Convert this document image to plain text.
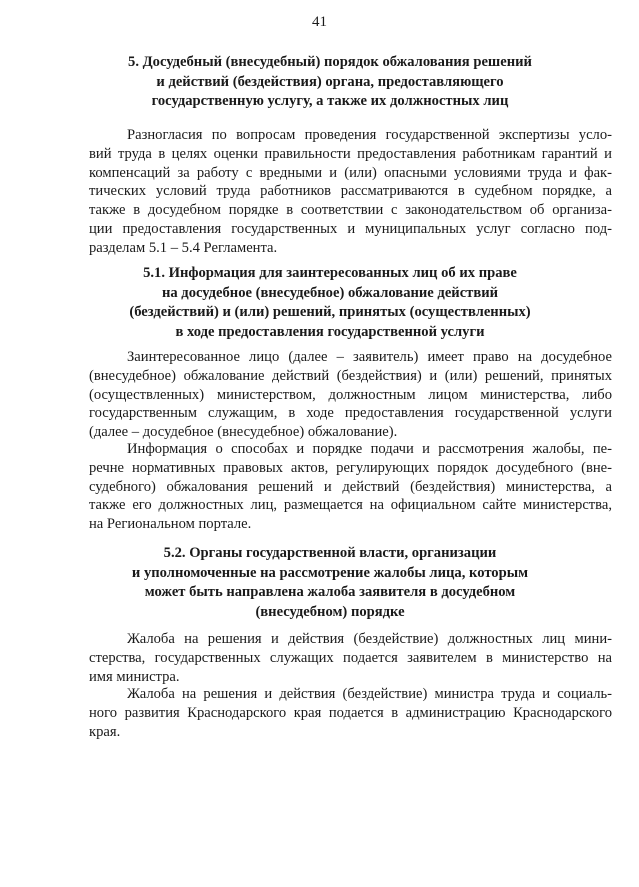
41
5. Досудебный (внесудебный) порядок обжалования решений
и действий (бездействия) органа, предоставляющего
государственную услугу, а также их должностных лиц
Разногласия по вопросам проведения государственной экспертизы усло-
вий труда в целях оценки правильности предоставления работникам гарантий и
компенсаций за работу с вредными и (или) опасными условиями труда и фак-
тических условий труда работников рассматриваются в судебном порядке, а
также в досудебном порядке в соответствии с законодательством об организа-
ции предоставления государственных и муниципальных услуг согласно под-
разделам 5.1 – 5.4 Регламента.
5.1. Информация для заинтересованных лиц об их праве
на досудебное (внесудебное) обжалование действий
(бездействий) и (или) решений, принятых (осуществленных)
в ходе предоставления государственной услуги
Заинтересованное лицо (далее – заявитель) имеет право на досудебное
(внесудебное) обжалование действий (бездействия) и (или) решений, принятых
(осуществленных) министерством, должностным лицом министерства, либо
государственным служащим, в ходе предоставления государственной услуги
(далее – досудебное (внесудебное) обжалование).
Информация о способах и порядке подачи и рассмотрения жалобы, пе-
речне нормативных правовых актов, регулирующих порядок досудебного (вне-
судебного) обжалования решений и действий (бездействия) министерства, а
также его должностных лиц, размещается на официальном сайте министерства,
на Региональном портале.
5.2. Органы государственной власти, организации
и уполномоченные на рассмотрение жалобы лица, которым
может быть направлена жалоба заявителя в досудебном
(внесудебном) порядке
Жалоба на решения и действия (бездействие) должностных лиц мини-
стерства, государственных служащих подается заявителем в министерство на
имя министра.
Жалоба на решения и действия (бездействие) министра труда и социаль-
ного развития Краснодарского края подается в администрацию Краснодарского
края.
